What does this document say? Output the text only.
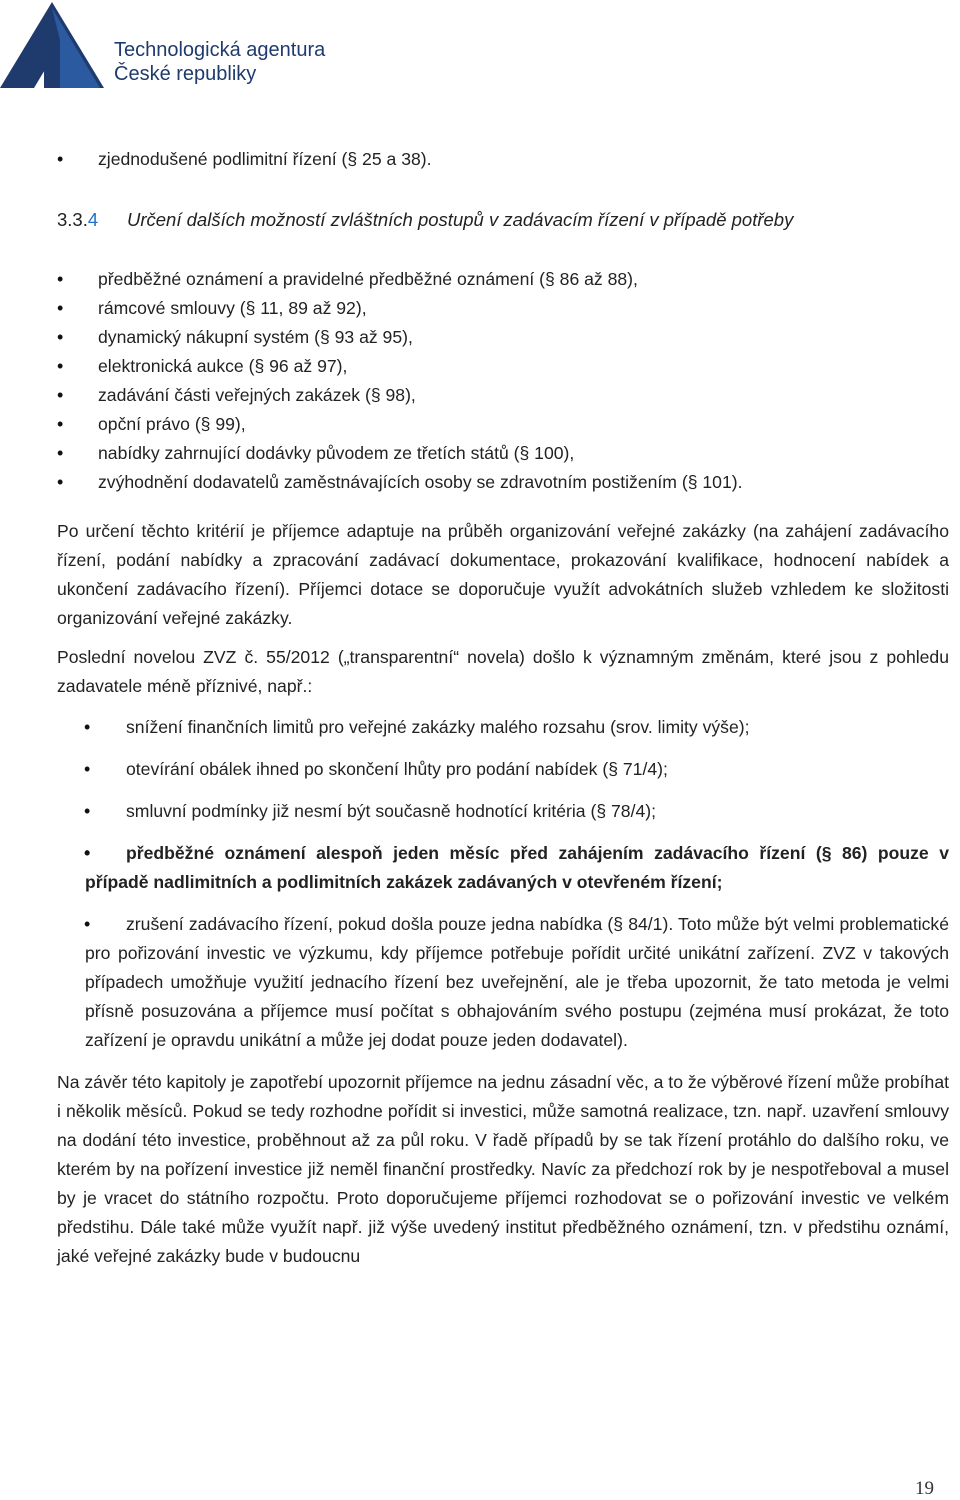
Technologická agentura
České republiky
• zjednodušené podlimitní řízení (§ 25 a 38).
3.3.4 Určení dalších možností zvláštních postupů v zadávacím řízení v případě potřeby
• předběžné oznámení a pravidelné předběžné oznámení (§ 86 až 88),
• rámcové smlouvy (§ 11, 89 až 92),
• dynamický nákupní systém (§ 93 až 95),
• elektronická aukce (§ 96 až 97),
• zadávání části veřejných zakázek (§ 98),
• opční právo (§ 99),
• nabídky zahrnující dodávky původem ze třetích států (§ 100),
• zvýhodnění dodavatelů zaměstnávajících osoby se zdravotním postižením (§ 101).

Po určení těchto kritérií je příjemce adaptuje na průběh organizování veřejné zakázky (na zahájení zadávacího řízení, podání nabídky a zpracování zadávací dokumentace, prokazování kvalifikace, hodnocení nabídek a ukončení zadávacího řízení). Příjemci dotace se doporučuje využít advokátních služeb vzhledem ke složitosti organizování veřejné zakázky.

Poslední novelou ZVZ č. 55/2012 („transparentní“ novela) došlo k významným změnám, které jsou z pohledu zadavatele méně příznivé, např.:

• snížení finančních limitů pro veřejné zakázky malého rozsahu (srov. limity výše);
• otevírání obálek ihned po skončení lhůty pro podání nabídek (§ 71/4);
• smluvní podmínky již nesmí být současně hodnotící kritéria (§ 78/4);
• předběžné oznámení alespoň jeden měsíc před zahájením zadávacího řízení (§ 86) pouze v případě nadlimitních a podlimitních zakázek zadávaných v otevřeném řízení;
• zrušení zadávacího řízení, pokud došla pouze jedna nabídka (§ 84/1). Toto může být velmi problematické pro pořizování investic ve výzkumu, kdy příjemce potřebuje pořídit určité unikátní zařízení. ZVZ v takových případech umožňuje využití jednacího řízení bez uveřejnění, ale je třeba upozornit, že tato metoda je velmi přísně posuzována a příjemce musí počítat s obhajováním svého postupu (zejména musí prokázat, že toto zařízení je opravdu unikátní a může jej dodat pouze jeden dodavatel).

Na závěr této kapitoly je zapotřebí upozornit příjemce na jednu zásadní věc, a to že výběrové řízení může probíhat i několik měsíců. Pokud se tedy rozhodne pořídit si investici, může samotná realizace, tzn. např. uzavření smlouvy na dodání této investice, proběhnout až za půl roku. V řadě případů by se tak řízení protáhlo do dalšího roku, ve kterém by na pořízení investice již neměl finanční prostředky. Navíc za předchozí rok by je nespotřeboval a musel by je vracet do státního rozpočtu. Proto doporučujeme příjemci rozhodovat se o pořizování investic ve velkém předstihu. Dále také může využít např. již výše uvedený institut předběžného oznámení, tzn. v předstihu oznámí, jaké veřejné zakázky bude v budoucnu

19
